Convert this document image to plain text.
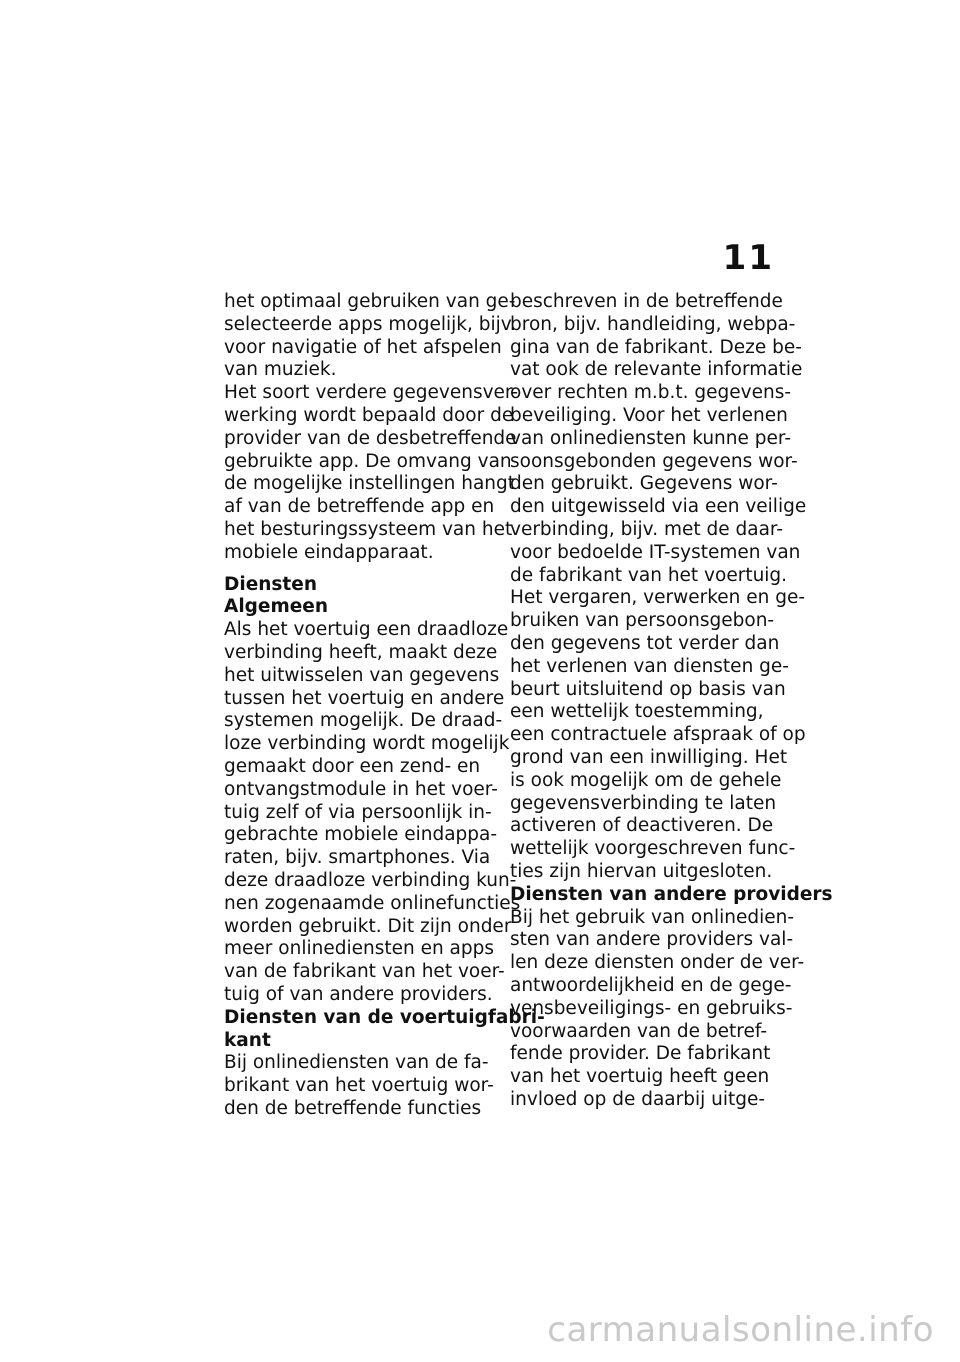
11
het optimaal gebruiken van ge-
selecteerde apps mogelijk, bijv.
voor navigatie of het afspelen
van muziek.
Het soort verdere gegevensver-
werking wordt bepaald door de
provider van de desbetreffende
gebruikte app. De omvang van
de mogelijke instellingen hangt
af van de betreffende app en
het besturingssysteem van het
mobiele eindapparaat.
Diensten
Algemeen
Als het voertuig een draadloze
verbinding heeft, maakt deze
het uitwisselen van gegevens
tussen het voertuig en andere
systemen mogelijk. De draad-
loze verbinding wordt mogelijk
gemaakt door een zend- en
ontvangstmodule in het voer-
tuig zelf of via persoonlijk in-
gebrachte mobiele eindappa-
raten, bijv. smartphones. Via
deze draadloze verbinding kun-
nen zogenaamde onlinefuncties
worden gebruikt. Dit zijn onder
meer onlinediensten en apps
van de fabrikant van het voer-
tuig of van andere providers.
Diensten van de voertuigfabri-
kant
Bij onlinediensten van de fa-
brikant van het voertuig wor-
den de betreffende functies
beschreven in de betreffende
bron, bijv. handleiding, webpa-
gina van de fabrikant. Deze be-
vat ook de relevante informatie
over rechten m.b.t. gegevens-
beveiliging. Voor het verlenen
van onlinediensten kunne per-
soonsgebonden gegevens wor-
den gebruikt. Gegevens wor-
den uitgewisseld via een veilige
verbinding, bijv. met de daar-
voor bedoelde IT-systemen van
de fabrikant van het voertuig.
Het vergaren, verwerken en ge-
bruiken van persoonsgebon-
den gegevens tot verder dan
het verlenen van diensten ge-
beurt uitsluitend op basis van
een wettelijk toestemming,
een contractuele afspraak of op
grond van een inwilliging. Het
is ook mogelijk om de gehele
gegevensverbinding te laten
activeren of deactiveren. De
wettelijk voorgeschreven func-
ties zijn hiervan uitgesloten.
Diensten van andere providers
Bij het gebruik van onlinedien-
sten van andere providers val-
len deze diensten onder de ver-
antwoordelijkheid en de gege-
vensbeveiligings- en gebruiks-
voorwaarden van de betref-
fende provider. De fabrikant
van het voertuig heeft geen
invloed op de daarbij uitge-
carmanualsonline.info
